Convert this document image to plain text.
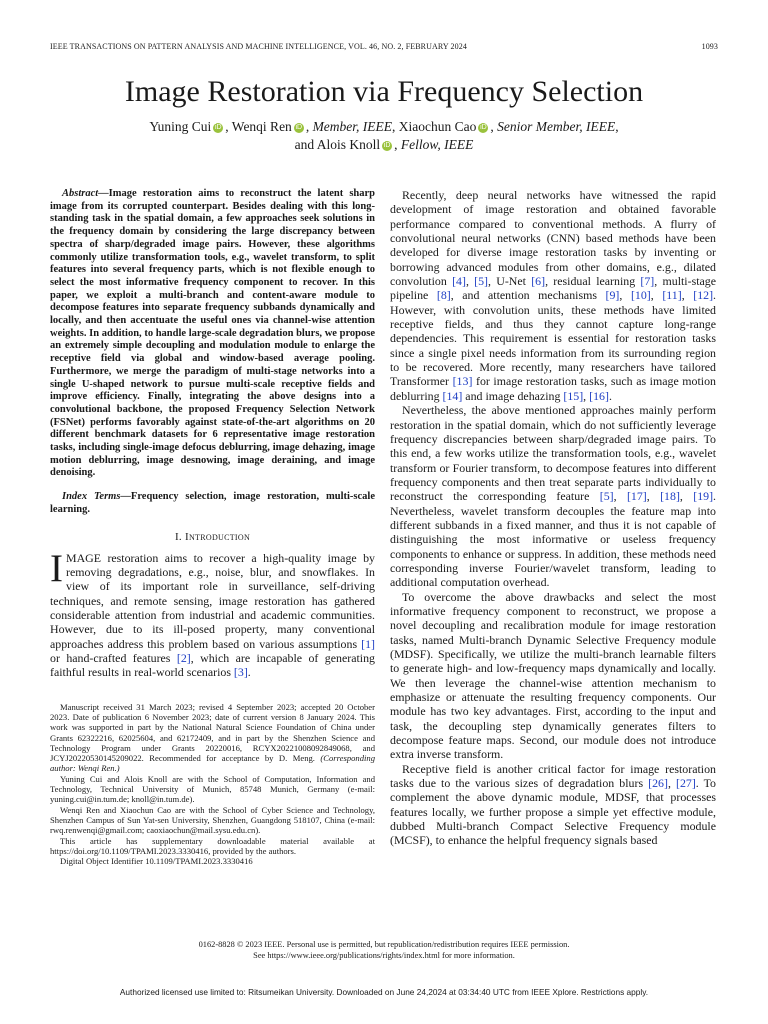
IEEE TRANSACTIONS ON PATTERN ANALYSIS AND MACHINE INTELLIGENCE, VOL. 46, NO. 2, FEBRUARY 2024	1093
Image Restoration via Frequency Selection
Yuning Cui iD , Wenqi Ren iD , Member, IEEE, Xiaochun Cao iD , Senior Member, IEEE,
and Alois Knoll iD , Fellow, IEEE

Abstract—Image restoration aims to reconstruct the latent sharp image from its corrupted counterpart. Besides dealing with this long-standing task in the spatial domain, a few approaches seek solutions in the frequency domain by considering the large discrepancy between spectra of sharp/degraded image pairs. However, these algorithms commonly utilize transformation tools, e.g., wavelet transform, to split features into several frequency parts, which is not flexible enough to select the most informative frequency component to recover. In this paper, we exploit a multi-branch and content-aware module to decompose features into separate frequency subbands dynamically and locally, and then accentuate the useful ones via channel-wise attention weights. In addition, to handle large-scale degradation blurs, we propose an extremely simple decoupling and modulation module to enlarge the receptive field via global and window-based average pooling. Furthermore, we merge the paradigm of multi-stage networks into a single U-shaped network to pursue multi-scale receptive fields and improve efficiency. Finally, integrating the above designs into a convolutional backbone, the proposed Frequency Selection Network (FSNet) performs favorably against state-of-the-art algorithms on 20 different benchmark datasets for 6 representative image restoration tasks, including single-image defocus deblurring, image dehazing, image motion deblurring, image desnowing, image deraining, and image denoising.

Index Terms—Frequency selection, image restoration, multi-scale learning.

I. Introduction

IMAGE restoration aims to recover a high-quality image by removing degradations, e.g., noise, blur, and snowflakes. In view of its important role in surveillance, self-driving techniques, and remote sensing, image restoration has gathered considerable attention from industrial and academic communities. However, due to its ill-posed property, many conventional approaches address this problem based on various assumptions [1] or hand-crafted features [2], which are incapable of generating faithful results in real-world scenarios [3].

Manuscript received 31 March 2023; revised 4 September 2023; accepted 20 October 2023. Date of publication 6 November 2023; date of current version 8 January 2024. This work was supported in part by the National Natural Science Foundation of China under Grants 62322216, 62025604, and 62172409, and in part by the Shenzhen Science and Technology Program under Grants 20220016, RCYX20221008092849068, and JCYJ20220530145209022. Recommended for acceptance by D. Meng. (Corresponding author: Wenqi Ren.)

Yuning Cui and Alois Knoll are with the School of Computation, Information and Technology, Technical University of Munich, 85748 Munich, Germany (e-mail: yuning.cui@in.tum.de; knoll@in.tum.de).

Wenqi Ren and Xiaochun Cao are with the School of Cyber Science and Technology, Shenzhen Campus of Sun Yat-sen University, Shenzhen, Guangdong 518107, China (e-mail: rwq.renwenqi@gmail.com; caoxiaochun@mail.sysu.edu.cn).

This article has supplementary downloadable material available at https://doi.org/10.1109/TPAMI.2023.3330416, provided by the authors.

Digital Object Identifier 10.1109/TPAMI.2023.3330416

Recently, deep neural networks have witnessed the rapid development of image restoration and obtained favorable performance compared to conventional methods. A flurry of convolutional neural networks (CNN) based methods have been developed for diverse image restoration tasks by inventing or borrowing advanced modules from other domains, e.g., dilated convolution [4], [5], U-Net [6], residual learning [7], multi-stage pipeline [8], and attention mechanisms [9], [10], [11], [12]. However, with convolution units, these methods have limited receptive fields, and thus they cannot capture long-range dependencies. This requirement is essential for restoration tasks since a single pixel needs information from its surrounding region to be recovered. More recently, many researchers have tailored Transformer [13] for image restoration tasks, such as image motion deblurring [14] and image dehazing [15], [16].

Nevertheless, the above mentioned approaches mainly perform restoration in the spatial domain, which do not sufficiently leverage frequency discrepancies between sharp/degraded image pairs. To this end, a few works utilize the transformation tools, e.g., wavelet transform or Fourier transform, to decompose features into different frequency components and then treat separate parts individually to reconstruct the corresponding feature [5], [17], [18], [19]. Nevertheless, wavelet transform decouples the feature map into different subbands in a fixed manner, and thus it is not capable of distinguishing the most informative or useless frequency components to enhance or suppress. In addition, these methods need corresponding inverse Fourier/wavelet transform, leading to additional computation overhead.

To overcome the above drawbacks and select the most informative frequency component to reconstruct, we propose a novel decoupling and recalibration module for image restoration tasks, named Multi-branch Dynamic Selective Frequency module (MDSF). Specifically, we utilize the multi-branch learnable filters to generate high- and low-frequency maps dynamically and locally. We then leverage the channel-wise attention mechanism to emphasize or attenuate the resulting frequency components. Our module has two key advantages. First, according to the input and task, the decoupling step dynamically generates filters to decompose feature maps. Second, our module does not introduce extra inverse transform.

Receptive field is another critical factor for image restoration tasks due to the various sizes of degradation blurs [26], [27]. To complement the above dynamic module, MDSF, that processes features locally, we further propose a simple yet effective module, dubbed Multi-branch Compact Selective Frequency module (MCSF), to enhance the helpful frequency signals based

0162-8828 © 2023 IEEE. Personal use is permitted, but republication/redistribution requires IEEE permission.
See https://www.ieee.org/publications/rights/index.html for more information.
Authorized licensed use limited to: Ritsumeikan University. Downloaded on June 24,2024 at 03:34:40 UTC from IEEE Xplore. Restrictions apply.
